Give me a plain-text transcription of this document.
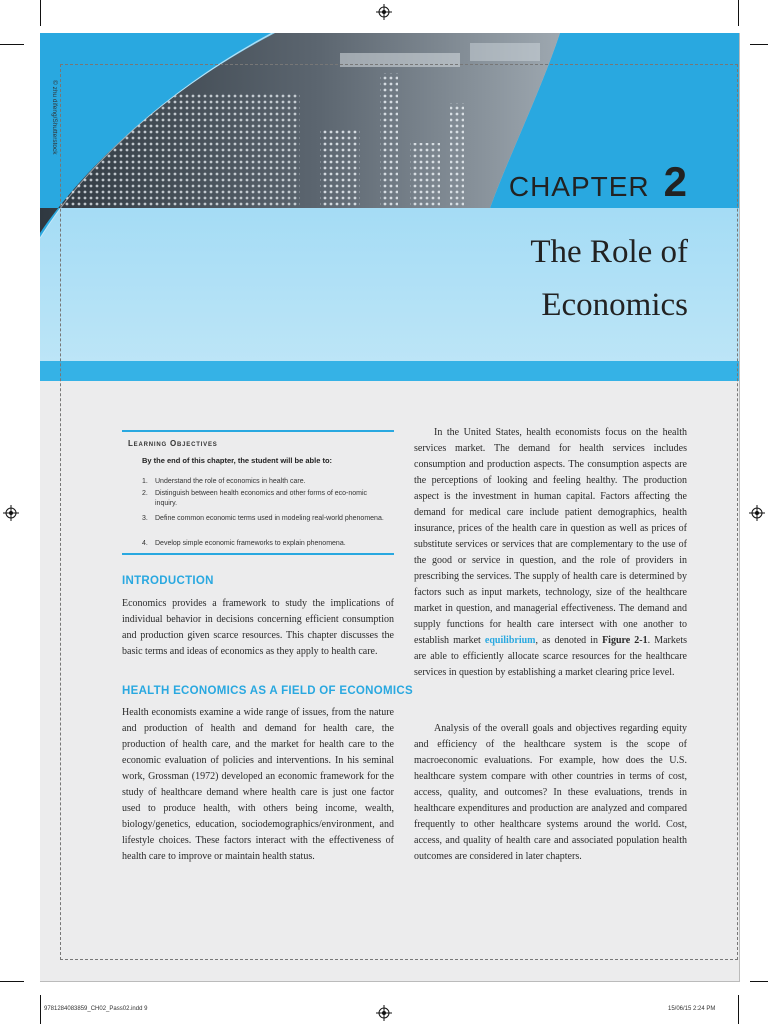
© zhu difeng/Shutterstock
CHAPTER 2
The Role of
Economics
Learning Objectives
By the end of this chapter, the student will be able to:
1.	Understand the role of economics in health care.
2.	Distinguish between health economics and other forms of eco-nomic inquiry.
3.	Define common economic terms used in modeling real-world phenomena.
4.	Develop simple economic frameworks to explain phenomena.
INTRODUCTION
Economics provides a framework to study the implications of individual behavior in decisions concerning efficient consumption and production given scarce resources. This chapter discusses the basic terms and ideas of economics as they apply to health care.
HEALTH ECONOMICS AS A FIELD OF ECONOMICS
Health economists examine a wide range of issues, from the nature and production of health and demand for health care, the production of health care, and the market for health care to the economic evaluation of policies and interventions. In his seminal work, Grossman (1972) developed an economic framework for the study of healthcare demand where health care is just one factor used to produce health, with others being income, wealth, biology/genetics, education, sociodemographics/environment, and lifestyle choices. These factors interact with the effectiveness of health care to improve or maintain health status.
In the United States, health economists focus on the health services market. The demand for health services includes consumption and production aspects. The consumption aspects are the perceptions of looking and feeling healthy. The production aspect is the investment in human capital. Factors affecting the demand for medical care include patient demographics, health insurance, prices of the health care in question as well as prices of substitute services or services that are complementary to the use of the good or service in question, and the role of providers in prescribing the services. The supply of health care is determined by factors such as input markets, technology, size of the healthcare market in question, and managerial effectiveness. The demand and supply functions for health care intersect with one another to establish market equilibrium, as denoted in Figure 2-1. Markets are able to efficiently allocate scarce resources for the healthcare services in question by establishing a market clearing price level.
Analysis of the overall goals and objectives regarding equity and efficiency of the healthcare system is the scope of macroeconomic evaluations. For example, how does the U.S. healthcare system compare with other countries in terms of cost, access, quality, and outcomes? In these evaluations, trends in healthcare expenditures and production are analyzed and compared frequently to other healthcare systems around the world. Cost, access, and quality of health care and associated population health outcomes are considered in later chapters.
9781284083859_CH02_Pass02.indd 9	15/06/15 2:24 PM
